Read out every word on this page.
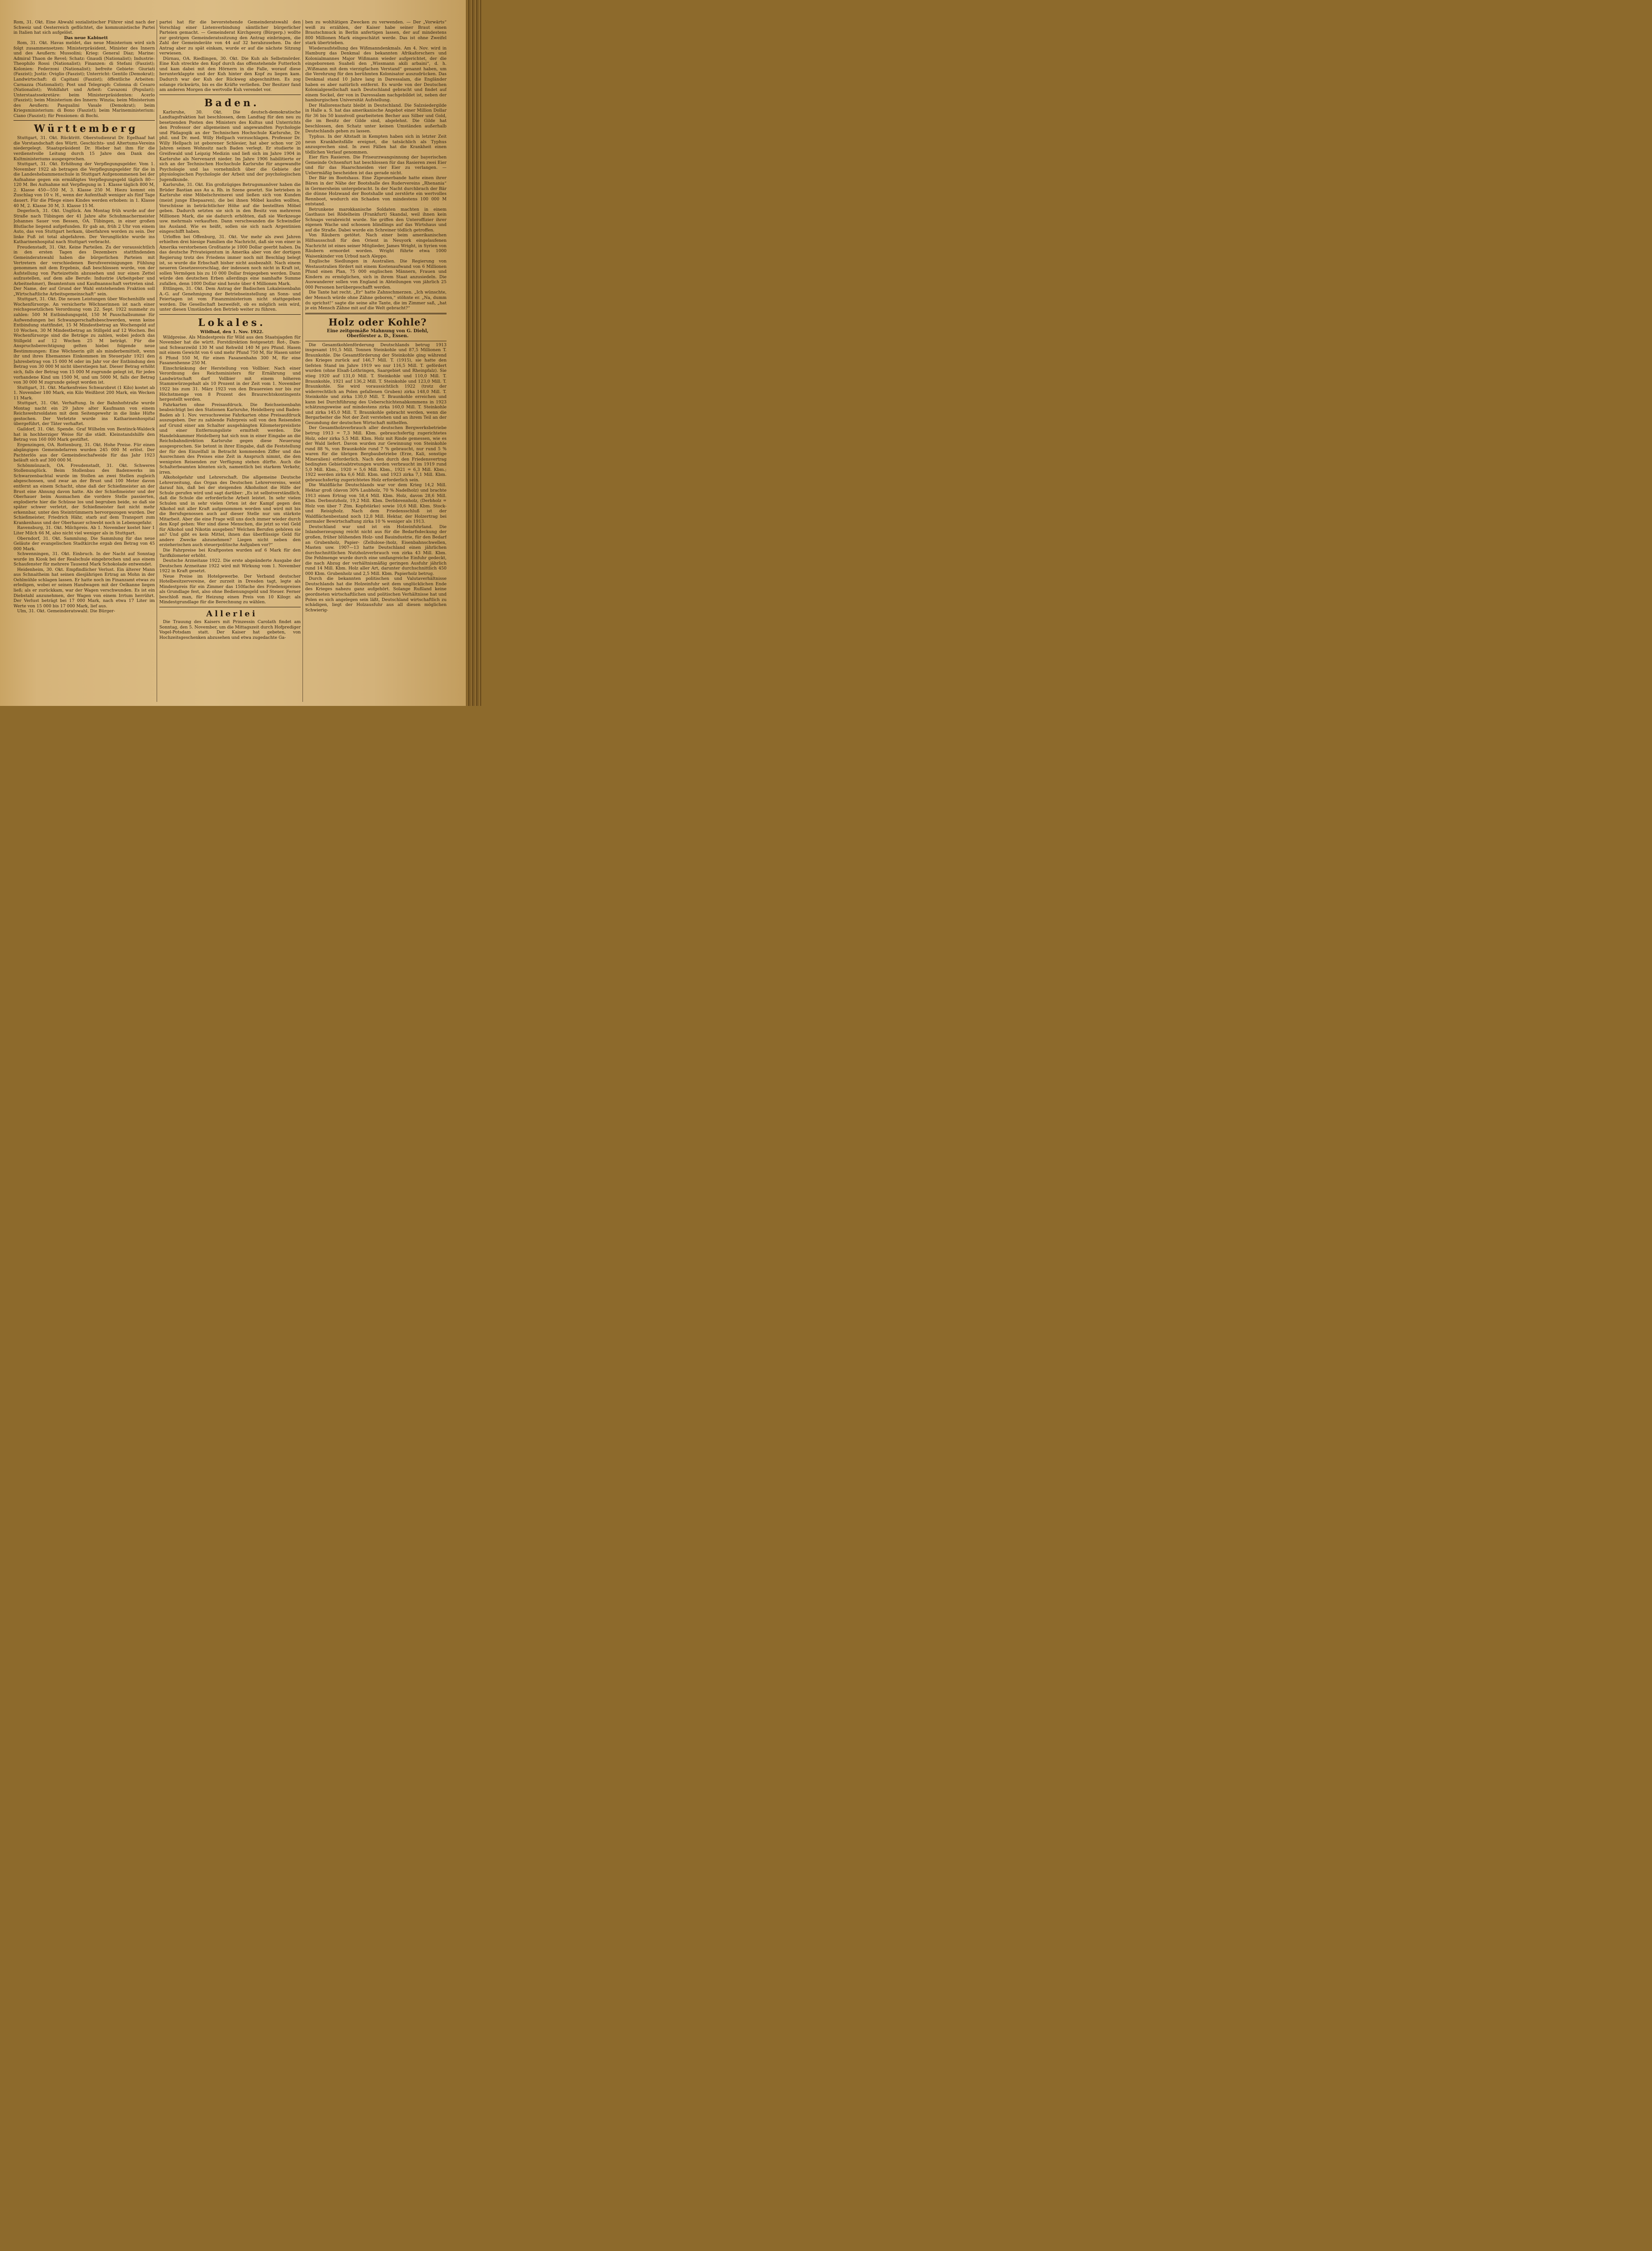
Rom, 31. Okt. Eine Abwahl sozialistischer Führer sind nach der Schweiz und Oesterreich geflüchtet, die kommunistische Partei in Italien hat sich aufgelöst.

Das neue Kabinett

Rom, 31. Okt. Havas meldet, das neue Ministerium wird sich folgt zusammensetzen: Ministerpräsident, Minister des Innern und des Aeußern: Mussolini; Krieg: General Diaz; Marine: Admiral Thaon de Revel; Schatz: Gnaudi (Nationalist); Industrie: Theophilo Rossi (Nationalist); Finanzen: di Stefani (Faszist); Kolonien: Federzoni (Nationalist); befreite Gebiete: Giuriati (Faszist); Justiz: Oviglio (Faszist); Unterricht: Gentilo (Demokrat); Landwirtschaft: di Capitani (Faszist); öffentliche Arbeiten: Carnazza (Nationalist); Post und Telegraph: Colonna di Cesaro (Nationalist); Wohlfahrt und Arbeit: Cavazoni (Populari); Unterstaatssekretäre: beim Ministerpräsidenten: Acerlo (Faszist); beim Ministerium des Innern: Winzia; beim Ministerium des Aeußern: Pasqualini Vasale (Demokrat); beim Kriegsministerium: di Bono (Faszist); beim Marineministerium: Ciano (Faszist); für Pensionen: di Bochi.

Württemberg

Stuttgart, 31. Okt. Rücktritt. Oberstudienrat Dr. Egelhaaf hat die Vorstandschaft des Württ. Geschichts- und Altertums-Vereins niedergelegt. Staatspräsident Dr. Hieber hat ihm für die verdienstvolle Leitung durch 15 Jahre den Dank des Kultministeriums ausgesprochen.

Stuttgart, 31. Okt. Erhöhung der Verpflegungsgelder. Vom 1. November 1922 ab betragen die Verpflegungsgelder für die in die Landeshebammenschule in Stuttgart Aufgenommenen bei der Aufnahme gegen ein ermäßigtes Verpflegungsgeld täglich 80—120 M. Bei Aufnahme mit Verpflegung in 1. Klasse täglich 800 M, 2. Klasse 450—550 M, 3. Klasse 250 M. Hiezu kommt ein Zuschlag von 10 v. H., wenn der Aufenthalt weniger als fünf Tage dauert. Für die Pflege eines Kindes werden erhoben: in 1. Klasse 40 M, 2. Klasse 30 M, 3. Klasse 15 M.

Degerloch, 31. Okt. Unglück. Am Montag früh wurde auf der Straße nach Tübingen der 41 Jahre alte Schuhmachermeister Johannes Sauer von Bessen, OA. Tübingen, in einer großen Blutlache liegend aufgefunden. Er gab an, früh 2 Uhr von einem Auto, das von Stuttgart herkam, überfahren worden zu sein. Der linke Fuß ist total abgefahren. Der Verunglückte wurde ins Katharinenhospital nach Stuttgart verbracht.

Freudenstadt, 31. Okt. Keine Parteilen. Zu der voraussichtlich in den ersten Tagen des Dezembers stattfindenden Gemeinderatswahl haben die bürgerlichen Parteien mit Vertretern der verschiedenen Berufsvereinigungen Fühlung genommen mit dem Ergebnis, daß beschlossen wurde, von der Aufstellung von Parteizetteln abzusehen und nur einen Zettel aufzustellen, auf dem alle Berufe: Industrie (Arbeitgeber und Arbeitnehmer), Beamtentum und Kaufmannschaft vertreten sind. Der Name, der auf Grund der Wahl entstehenden Fraktion soll „Wirtschaftliche Arbeitsgemeinschaft“ sein.

Stuttgart, 31. Okt. Die neuen Leistungen über Wochenhilfe und Wochenfürsorge. An versicherte Wöchnerinnen ist nach einer reichsgesetzlichen Verordnung vom 22. Sept. 1922 nunmehr zu zahlen: 500 M Entbindungsgeld, 150 M Pauschallsumme für Aufwendungen bei Schwangerschaftsbeschwerden, wenn keine Entbindung stattfindet, 15 M Mindestbetrag an Wochengeld auf 10 Wochen, 30 M Mindestbetrag an Stillgeld auf 12 Wochen. Bei Wochenfürsorge sind die Beträge zu zahlen, wobei jedoch das Stillgeld auf 12 Wochen 25 M beträgt. Für die Anspruchsberechtigung gelten hiebei folgende neue Bestimmungen: Eine Wöchnerin gilt als minderbemittelt, wenn ihr und ihres Ehemannes Einkommen im Steuerjahr 1921 den Jahresbetrag von 15 000 M oder im Jahr vor der Entbindung den Betrag von 30 000 M nicht überstiegen hat. Dieser Betrag erhöht sich, falls der Betrag von 15 000 M zugrunde gelegt ist, für jedes vorhandene Kind um 1500 M, und um 5000 M, falls der Betrag von 30 000 M zugrunde gelegt worden ist.

Stuttgart, 31. Okt. Markenfreies Schwarzbrot (1 Kilo) kostet ab 1. November 180 Mark, ein Kilo Weißbrot 200 Mark, ein Wecken 11 Mark.

Stuttgart, 31. Okt. Verhaftung. In der Bahnhofstraße wurde Montag nacht ein 29 Jahre alter Kaufmann von einem Reichswehrsoldaten mit dem Seitengewehr in die linke Hüfte gestochen. Der Verletzte wurde ins Katharinenhospital übergeführt, der Täter verhaftet.

Gaildorf, 31. Okt. Spende. Graf Wilhelm von Bentinck-Waldeck hat in hochherziger Weise für die städt. Kleinstandshilfe den Betrag von 160 000 Mark gestiftet.

Ergenzingen, OA. Rottenburg, 31. Okt. Hohe Preise. Für einen abgängigen Gemeindefarren wurden 245 000 M erlöst. Der Pachterlös aus der Gemeindeschafweide für das Jahr 1923 beläuft sich auf 300 000 M.

Schönmünzach, OA. Freudenstadt, 31. Okt. Schweres Stollenunglück. Beim Stollenbau des Badenwerks im Schwarzenbachtal wurde im Stollen an zwei Stellen zugleich abgeschossen, und zwar an der Brust und 100 Meter davon entfernt an einem Schacht, ohne daß der Schießmeister an der Brust eine Ahnung davon hatte. Als der Schießmeister und der Oberhauer beim Ausmachen die vordere Stelle passierten, explodierte hier die Schüsse los und begruben beide, so daß sie später schwer verletzt, der Schießmeister fast nicht mehr erkennbar, unter den Steintrümmern hervorgezogen wurden. Der Schießmeister, Friedrich Hähr, starb auf dem Transport zum Krankenhaus und der Oberhauer schwebt noch in Lebensgefahr.

Ravensburg, 31. Okt. Milchpreis. Ab 1. November kostet hier 1 Liter Milch 66 M, also nicht viel weniger als in Stuttgart.

Oberndorf, 31. Okt. Sammlung. Die Sammlung für das neue Geläute der evangelischen Stadtkirche ergab den Betrag von 45 000 Mark.

Schwenningen, 31. Okt. Einbruch. In der Nacht auf Sonntag wurde im Kiosk bei der Realschule eingebrochen und aus einem Schaufenster für mehrere Tausend Mark Schokolade entwendet.

Heidenheim, 30. Okt. Empfindlicher Verlust. Ein älterer Mann aus Schnaitheim hat seinen diesjährigen Ertrag an Mohn in der Oehlmühle schlagen lassen. Er hatte noch im Finanzamt etwas zu erledigen, wobei er seinen Handwagen mit der Oelkanne liegen ließ; als er zurückkam, war der Wagen verschwunden. Es ist ein Diebstahl anzunehmen, der Wagen von einem Irrtum herrührt. Der Verlust beträgt bei 17 000 Mark, nach etwa 17 Liter im Werte von 15 000 bis 17 000 Mark, lief aus.

Ulm, 31. Okt. Gemeinderatswahl. Die Bürger-

partei hat für die bevorstehende Gemeinderatswahl den Vorschlag einer Listenverbindung sämtlicher bürgerlicher Parteien gemacht. — Gemeinderat Kirchgeorg (Bürgerp.) wollte zur gestrigen Gemeinderatssitzung den Antrag einbringen, die Zahl der Gemeinderäte von 44 auf 32 herabzusehen. Da der Antrag aber zu spät einkam, wurde er auf die nächste Sitzung verwiesen.

Dürnau, OA. Riedlingen, 30. Okt. Die Kuh als Selbstmörder. Eine Kuh streckte den Kopf durch das offenstehende Futterloch und kam dabei mit den Hörnern in die Falle, worauf diese herunterklappte und der Kuh hinter den Kopf zu liegen kam. Dadurch war der Kuh der Rückweg abgeschnitten. Es zog solange rückwärts, bis es die Kräfte verließen. Der Besitzer fand am anderen Morgen die wertvolle Kuh verendet vor.

Baden.

Karlsruhe, 30. Okt. Die deutsch-demokratische Landtagsfraktion hat beschlossen, dem Landtag für den neu zu besetzenden Posten des Ministers des Kultus und Unterrichts den Professor der allgemeinen und angewandten Psychologie und Pädagogik an der Technischen Hochschule Karlsruhe, Dr. phil. und Dr. med. Willy Hellpach vorzuschlagen. Professor Dr. Willy Hellpach ist geborener Schlesier, hat aber schon vor 20 Jahren seinen Wohnsitz nach Baden verlegt. Er studierte in Greifswald und Leipzig Medizin und ließ sich im Jahre 1904 in Karlsruhe als Nervenarzt nieder. Im Jahre 1906 habilitierte er sich an der Technischen Hochschule Karlsruhe für angewandte Psychologie und las vornehmlich über die Gebiete der physiologischen Psychologie der Arbeit und der psychologischen Jugendkunde.

Karlsruhe, 31. Okt. Ein großzügiges Betrugsmanöver haben die Brüder Bastian aus Au a. Rh. in Szene gesetzt. Sie betrieben in Karlsruhe eine Möbelschreinerei und ließen sich von Kunden (meist junge Ehepaaren), die bei ihnen Möbel kaufen wollten, Vorschüsse in beträchtlicher Höhe auf die bestellten Möbel geben. Dadurch setzten sie sich in den Besitz von mehreren Millionen Mark, die sie dadurch erhöhten, daß sie Werkzeuge usw. mehrmals verkauften. Dann verschwanden die Schwindler ins Ausland. Wie es heißt, sollen sie sich nach Argentinien eingeschifft haben.

Urloffen bei Offenburg, 31. Okt. Vor mehr als zwei Jahren erhielten drei hiesige Familien die Nachricht, daß sie von einer in Amerika verstorbenen Großtante je 1000 Dollar geerbt haben. Da das deutsche Privateigentum in Amerika aber von der dortigen Regierung trotz des Friedens immer noch mit Beschlag belegt ist, so wurde die Erbschaft bisher nicht ausbezahlt. Nach einem neueren Gesetzesvorschlag, der indessen noch nicht in Kraft ist, sollen Vermögen bis zu 10 000 Dollar freigegeben werden. Dann würde den deutschen Erben allerdings eine namhafte Summe zufallen, denn 1000 Dollar sind heute über 4 Millionen Mark.

Ettlingen, 31. Okt. Dem Antrag der Badischen Lokaleisenbahn A.-G. auf Genehmigung der Betriebseinstellung an Sonn- und Feiertagen ist vom Finanzministerium nicht stattgegeben worden. Die Gesellschaft bezweifelt, ob es möglich sein wird, unter diesen Umständen den Betrieb weiter zu führen.

Lokales.

Wildbad, den 1. Nov. 1922.

Wildpreise. Als Mindestpreis für Wild aus den Staatsjagden für November hat die württ. Forstdirektion festgesetzt: Rot-, Dam- und Schwarzwild 130 M und Rehwild 140 M pro Pfund. Hasen mit einem Gewicht von 6 und mehr Pfund 750 M, für Hasen unter 6 Pfund 550 M, für einen Fasanenhahn 300 M, für eine Fasanenhenne 250 M.

Einschränkung der Herstellung von Vollbier. Nach einer Verordnung des Reichsministers für Ernährung und Landwirtschaft darf Vollbier mit einem höheren Stammwürzegehalt als 10 Prozent in der Zeit vom 1. November 1922 bis zum 31. März 1923 von den Brauereien nur bis zur Höchstmenge von 8 Prozent des Braurechtskontingents hergestellt werden.

Fahrkarten ohne Preisaufdruck. Die Reichseisenbahn beabsichtigt bei den Stationen Karlsruhe, Heidelberg und Baden-Baden ab 1. Nov. versuchsweise Fahrkarten ohne Preisaufdruck auszugeben. Der zu zahlende Fahrpreis soll von den Reisenden auf Grund einer am Schalter ausgehängten Kilometerpreisliste und einer Entfernungsliste ermittelt werden. Die Handelskammer Heidelberg hat sich nun in einer Eingabe an die Reichsbahndirektion Karlsruhe gegen diese Neuerung ausgesprochen. Sie betont in ihrer Eingabe, daß die Feststellung der für den Einzelfall in Betracht kommenden Ziffer und das Ausrechnen des Preises eine Zeit in Anspruch nimmt, die den wenigsten Reisenden zur Verfügung stehen dürfte. Auch die Schalterbeamten könnten sich, namentlich bei starkem Verkehr, irren.

Alkoholgefahr und Lehrerschaft. Die allgemeine Deutsche Lehrerzeitung, das Organ des Deutschen Lehrervereins, weist darauf hin, daß bei der steigenden Alkoholnot die Hilfe der Schule gerufen wird und sagt darüber: „Es ist selbstverständlich, daß die Schule die erforderliche Arbeit leistet. In sehr vielen Schulen und in sehr vielen Orten ist der Kampf gegen den Alkohol mit aller Kraft aufgenommen worden und wird mit bis die Berufsgenossen auch auf dieser Stelle nur um stärkste Mitarbeit. Aber die eine Frage will uns doch immer wieder durch den Kopf gehen: Wer sind diese Menschen, die jetzt so viel Geld für Alkohol und Nikotin ausgeben? Welchen Berufen gehören sie an? Und gibt es kein Mittel, ihnen das überflüssige Geld für andere Zwecke abzunehmen? Liegen nicht neben den erzieherischen auch steuerpolitische Aufgaben vor?“

Die Fahrpreise bei Kraftposten wurden auf 6 Mark für den Tarifkilometer erhöht.

Deutsche Arzneitaxe 1922. Die erste abgeänderte Ausgabe der Deutschen Arzneitaxe 1922 wird mit Wirkung vom 1. November 1922 in Kraft gesetzt.

Neue Preise im Hotelgewerbe. Der Verband deutscher Hotelbesitzervereine, der zurzeit in Dresden tagt, legte als Mindestpreis für ein Zimmer das 150fache des Friedenspreises als Grundlage fest, also ohne Bedienungsgeld und Steuer. Ferner beschloß man, für Heizung einen Preis von 10 Kilogr. als Mindestgrundlage für die Berechnung zu wählen.

Allerlei

Die Trauung des Kaisers mit Prinzessin Carolath findet am Sonntag, den 5. November, um die Mittagszeit durch Hofprediger Vogel-Potsdam statt. Der Kaiser hat gebeten, von Hochzeitsgeschenken abzusehen und etwa zugedachte Ga-

ben zu wohltätigen Zwecken zu verwenden. — Der „Vorwärts“ weiß zu erzählen, der Kaiser habe seiner Braut einen Brautschmuck in Berlin anfertigen lassen, der auf mindestens 800 Millionen Mark eingeschätzt werde. Das ist ohne Zweifel stark übertrieben.

Wiederaufstellung des Wißmanndenkmals. Am 4. Nov. wird in Hamburg das Denkmal des bekannten Afrikaforschers und Kolonialmannes Major Wißmann wieder aufgerichtet, der die eingeborenen Suaheli den „Wissmann akili arbaini“, d. h. „Wißmann mit dem vierzigfachen Verstand“ genannt haben, um die Verehrung für den berühmten Kolonisator auszudrücken. Das Denkmal stand 10 Jahre lang in Daressalam, die Engländer haben es aber natürlich entfernt. Es wurde von der Deutschen Kolonialgesellschaft nach Deutschland gebracht und findet auf einem Sockel, der von in Daressalam nachgebildet ist, neben der hamburgischen Universität Aufstellung.

Der Hallorenschatz bleibt in Deutschland. Die Salzsiedergilde in Halle a. S. hat das amerikanische Angebot einer Million Dollar für 36 bis 50 kunstvoll gearbeiteten Becher aus Silber und Gold, die im Besitz der Gilde sind, abgelehnt. Die Gilde hat beschlossen, den Schatz unter keinen Umständen außerhalb Deutschlands gehen zu lassen.

Typhus. In der Altstadt in Kempten haben sich in letzter Zeit neun Krankheitsfälle ereignet, die tatsächlich als Typhus anzusprechen sind. In zwei Fällen hat die Krankheit einen tödlichen Verlauf genommen.

Eier fürs Rasieren. Die Friseurzwangsinnung der bayerischen Gemeinde Ochsenfurt hat beschlossen für das Rasieren zwei Eier und für das Haarschneiden vier Eier zu verlangen. — Uebermäßig bescheiden ist das gerade nicht.

Der Bär im Bootshaus. Eine Zigeunerbande hatte einen ihrer Bären in der Nähe der Bootshalle des Rudervereins „Rhenania“ in Germersheim untergebracht. In der Nacht durchbrach der Bär die dünne Holzwand der Bootshalle und zerstörte ein wertvolles Rennboot, wodurch ein Schaden von mindestens 100 000 M entstand.

Betrunkene marokkanische Soldaten machten in einem Gasthaus bei Rödelheim (Frankfurt) Skandal, weil ihnen kein Schnaps verabreicht wurde. Sie griffen den Unteroffizier ihrer eigenen Wache und schossen blindlings auf das Wirtshaus und auf die Straße. Dabei wurde ein Schreiner tödlich getroffen.

Von Räubern getötet. Nach einer beim amerikanischen Hilfsausschuß für den Orient in Neuyork eingelaufenen Nachricht ist eines seiner Mitglieder, James Wright, in Syrien von Räubern ermordet worden. Wright führte etwa 1000 Waisenkinder von Urbud nach Aleppo.

Englische Siedlungen in Australien. Die Regierung von Westaustralien fördert mit einem Kostenaufwand von 6 Millionen Pfund einen Plan, 75 000 englischen Männern, Frauen und Kindern zu ermöglichen, sich in ihrem Staat anzusiedeln. Die Auswanderer sollen von England in Abteilungen von jährlich 25 000 Personen herübergeschafft werden.

Die Tante hat recht. „Er“ hatte Zahnschmerzen. „Ich wünschte, der Mensch würde ohne Zähne geboren,“ stöhnte er. „Na, dumm du sprichst!“ sagte die seine alte Tante, die im Zimmer saß, „hat je ein Mensch Zähne mit auf die Welt gebracht?“

Holz oder Kohle?

Eine zeitgemäße Mahnung von G. Diehl,

Oberförster a. D., Essen.

Die Gesamtkohlenförderung Deutschlands betrug 1913 insgesamt 191,5 Mill. Tonnen Steinkohle und 87,5 Millionen T. Braunkohle. Die Gesamtförderung der Steinkohle ging während des Krieges zurück auf 146,7 Mill. T. (1915), sie hatte den tiefsten Stand im Jahre 1919 wo nur 116,5 Mill. T. gefördert wurden (ohne Elsaß-Lothringen, Saargebiet und Rheinpfalz). Sie stieg 1920 auf 131,0 Mill. T. Steinkohle und 110,0 Mill. T. Braunkohle, 1921 auf 136,2 Mill. T. Steinkohle und 123,0 Mill. T. Braunkohle. Sie wird voraussichtlich 1922 (trotz der widerrechtlich an Polen gefallenen Gruben) zirka 148,0 Mill. T. Steinkohle und zirka 130,0 Mill. T. Braunkohle erreichen und kann bei Durchführung des Ueberschichtenabkommens in 1923 schätzungsweise auf mindestens zirka 160,0 Mill. T. Steinkohle und zirka 145,0 Mill. T. Braunkohle gebracht werden, wenn die Bergarbeiter die Not der Zeit verstehen und an ihrem Teil an der Gesundung der deutschen Wirtschaft mithelfen.

Der Gesamtholzverbrauch aller deutschen Bergwerksbetriebe betrug 1913 = 7,3 Mill. Kbm. gebrauchsfertig zugerichtetes Holz, oder zirka 5,5 Mill. Kbm. Holz mit Rinde gemessen, wie es der Wald liefert. Davon wurden zur Gewinnung von Steinkohle rund 88 %, von Braunkohle rund 7 % gebraucht, nur rund 5 % waren für die übrigen Bergbaubetriebe (Erze, Kali, sonstige Mineralien) erforderlich. Nach den durch den Friedensvertrag bedingten Gebietsabtretungen wurden verbraucht im 1919 rund 5,0 Mill. Kbm., 1920 = 5,6 Mill. Kbm., 1921 = 6,3 Mill. Kbm.; 1922 werden zirka 6,6 Mill. Kbm. und 1923 zirka 7,1 Mill. Kbm. gebrauchsfertig zugerichtetes Holz erforderlich sein.

Die Waldfläche Deutschlands war vor dem Krieg 14,2 Mill. Hektar groß (davon 30% Laubholz, 70 % Nadelholz) und brachte 1913 einen Ertrag von 58,4 Mill. Kbm. Holz, davon 28,6 Mill. Kbm. Derbnutzholz, 19,2 Mill. Kbm. Derbbrennholz, (Derbholz = Holz von über 7 Ztm. Kopfstärke) sowie 10,6 Mill. Kbm. Stock- und Reisigholz. Nach dem Friedensschluß ist der Waldflächenbestand noch 12,8 Mill. Hektar, der Holzertrag bei normaler Bewirtschaftung zirka 10 % weniger als 1913.

Deutschland war und ist ein Holzeinfuhrland. Die Inlandserzeugung reicht nicht aus für die Bedarfsdeckung der großen, früher blühenden Holz- und Bauindustrie, für den Bedarf an Grubenholz, Papier- (Zellulose-)holz, Eisenbahnschwellen, Masten usw. 1907—13 hatte Deutschland einen jährlichen durchschnittlichen Nutzholzverbrauch von zirka 43 Mill. Kbm. Die Fehlmenge wurde durch eine umfangreiche Einfuhr gedeckt, die nach Abzug der verhältnismäßig geringen Ausfuhr jährlich rund 14 Mill. Kbm. Holz aller Art, darunter durchschnittlich 450 000 Kbm. Grubenholz und 2,5 Mill. Kbm. Papierholz betrug.

Durch die bekannten politischen und Valutaverhältnisse Deutschlands hat die Holzeinfuhr seit dem unglücklichen Ende des Krieges nahezu ganz aufgehört. Solange Rußland keine geordneten wirtschaftlichen und politischen Verhältnisse hat und Polen es sich angelegen sein läßt, Deutschland wirtschaftlich zu schädigen, liegt der Holzausfuhr aus all diesen möglichen Schwierig-
